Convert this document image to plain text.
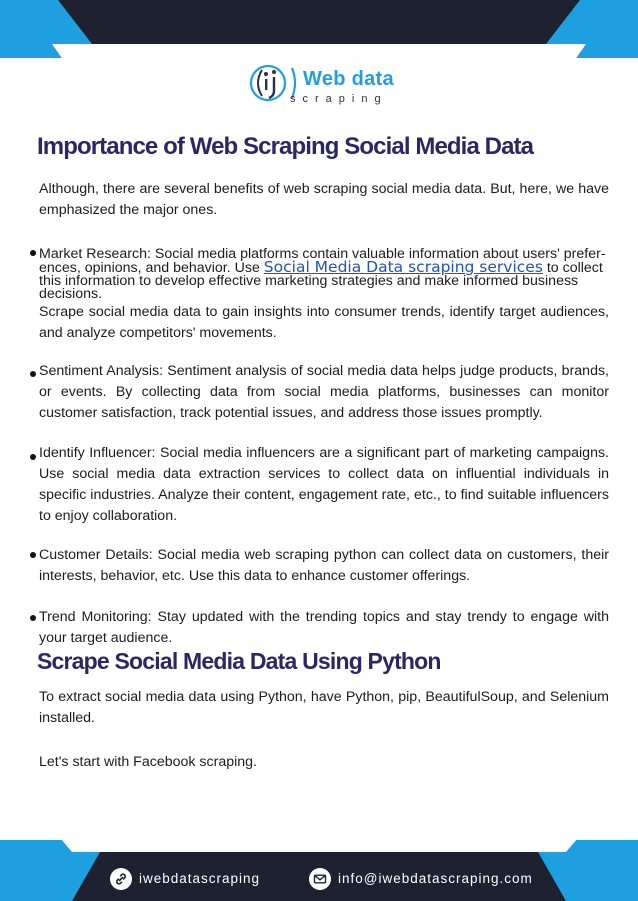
Web data
scraping
Importance of Web Scraping Social Media Data

Although, there are several benefits of web scraping social media data. But, here, we have emphasized the major ones.

Market Research: Social media platforms contain valuable information about users' prefer-
ences, opinions, and behavior. Use Social Media Data scraping services to collect
this information to develop effective marketing strategies and make informed business
decisions.

Scrape social media data to gain insights into consumer trends, identify target audiences, and analyze competitors' movements.

Sentiment Analysis: Sentiment analysis of social media data helps judge products, brands, or events. By collecting data from social media platforms, businesses can monitor customer satisfaction, track potential issues, and address those issues promptly.

Identify Influencer: Social media influencers are a significant part of marketing campaigns. Use social media data extraction services to collect data on influential individuals in specific industries. Analyze their content, engagement rate, etc., to find suitable influencers to enjoy collaboration.

Customer Details: Social media web scraping python can collect data on customers, their interests, behavior, etc. Use this data to enhance customer offerings.

Trend Monitoring: Stay updated with the trending topics and stay trendy to engage with your target audience.

Scrape Social Media Data Using Python

To extract social media data using Python, have Python, pip, BeautifulSoup, and Selenium installed.

Let's start with Facebook scraping.

iwebdatascraping	info@iwebdatascraping.com
